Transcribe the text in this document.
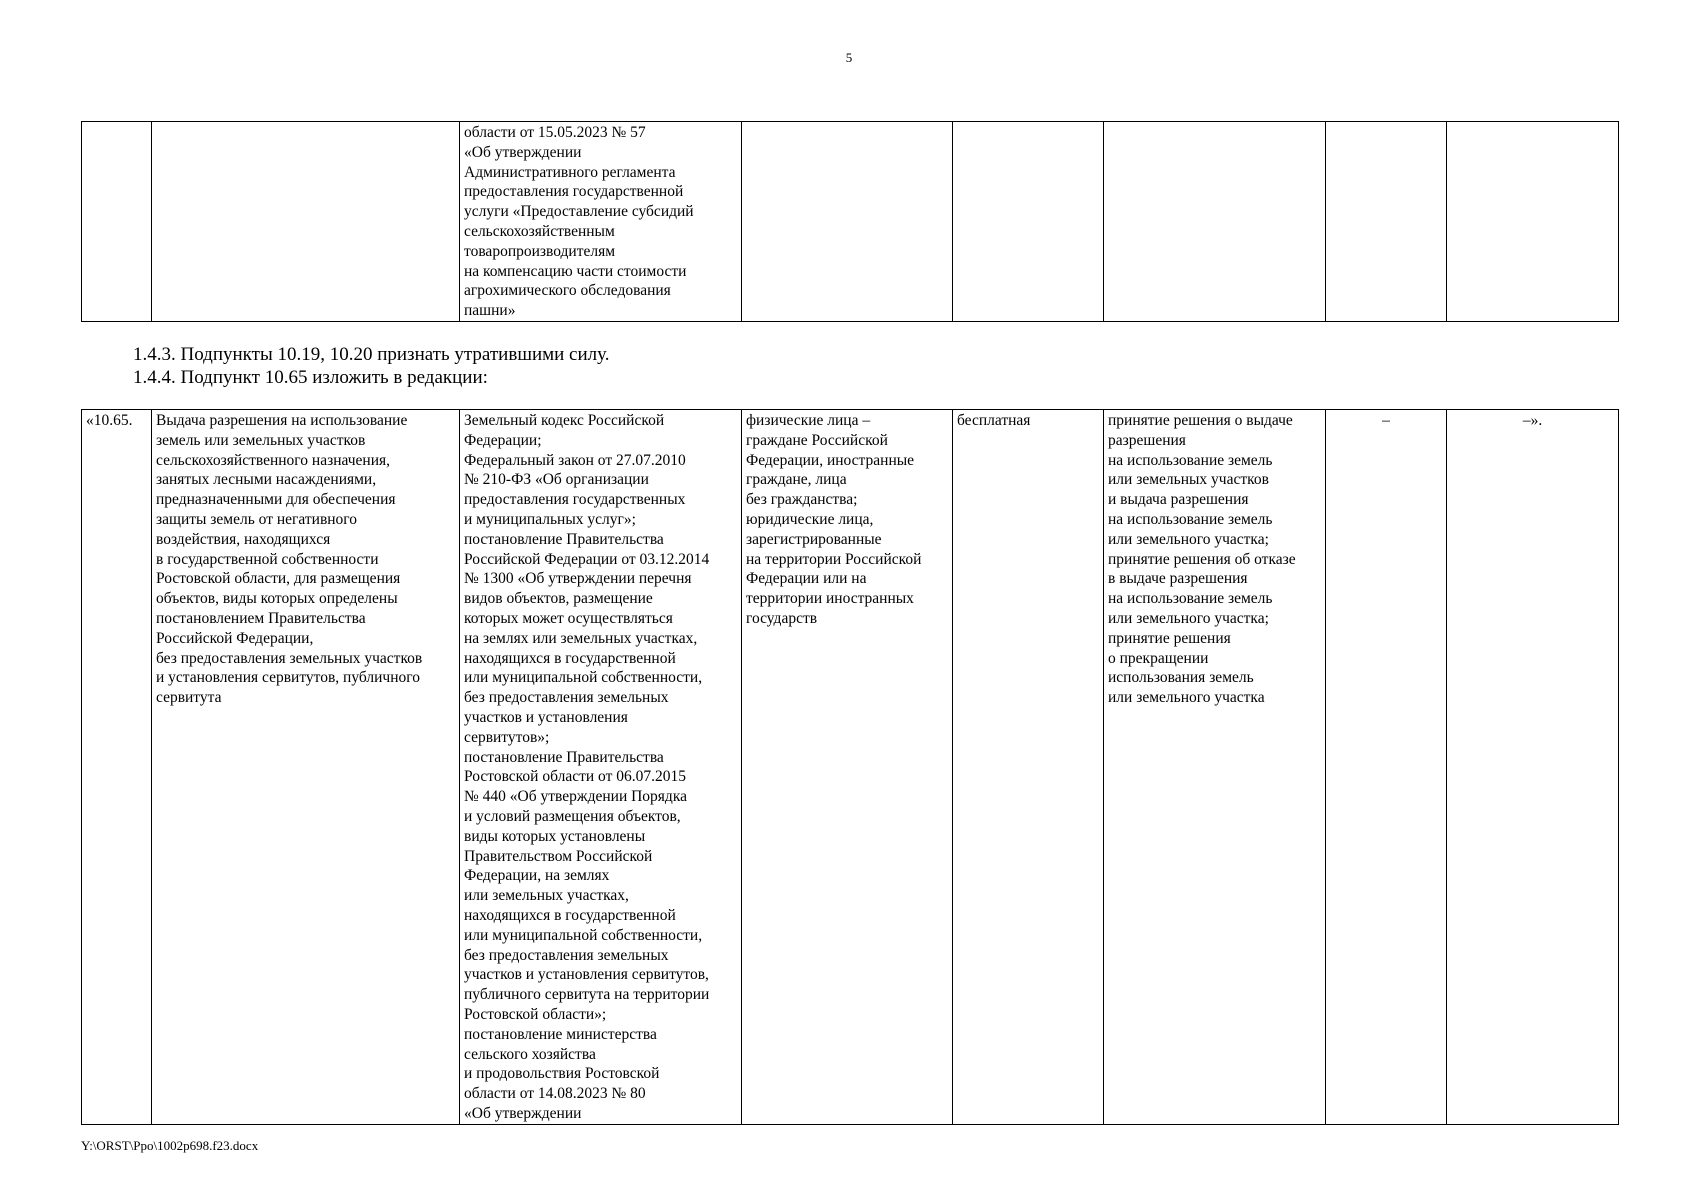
5
		области от 15.05.2023 № 57
«Об утверждении
Административного регламента
предоставления государственной
услуги «Предоставление субсидий
сельскохозяйственным
товаропроизводителям
на компенсацию части стоимости
агрохимического обследования
пашни»					
1.4.3. Подпункты 10.19, 10.20 признать утратившими силу.
1.4.4. Подпункт 10.65 изложить в редакции:
«10.65.	Выдача разрешения на использование
земель или земельных участков
сельскохозяйственного назначения,
занятых лесными насаждениями,
предназначенными для обеспечения
защиты земель от негативного
воздействия, находящихся
в государственной собственности
Ростовской области, для размещения
объектов, виды которых определены
постановлением Правительства
Российской Федерации,
без предоставления земельных участков
и установления сервитутов, публичного
сервитута	Земельный кодекс Российской
Федерации;
Федеральный закон от 27.07.2010
№ 210-ФЗ «Об организации
предоставления государственных
и муниципальных услуг»;
постановление Правительства
Российской Федерации от 03.12.2014
№ 1300 «Об утверждении перечня
видов объектов, размещение
которых может осуществляться
на землях или земельных участках,
находящихся в государственной
или муниципальной собственности,
без предоставления земельных
участков и установления
сервитутов»;
постановление Правительства
Ростовской области от 06.07.2015
№ 440 «Об утверждении Порядка
и условий размещения объектов,
виды которых установлены
Правительством Российской
Федерации, на землях
или земельных участках,
находящихся в государственной
или муниципальной собственности,
без предоставления земельных
участков и установления сервитутов,
публичного сервитута на территории
Ростовской области»;
постановление министерства
сельского хозяйства
и продовольствия Ростовской
области от 14.08.2023 № 80
«Об утверждении	физические лица –
граждане Российской
Федерации, иностранные
граждане, лица
без гражданства;
юридические лица,
зарегистрированные
на территории Российской
Федерации или на
территории иностранных
государств	бесплатная	принятие решения о выдаче
разрешения
на использование земель
или земельных участков
и выдача разрешения
на использование земель
или земельного участка;
принятие решения об отказе
в выдаче разрешения
на использование земель
или земельного участка;
принятие решения
о прекращении
использования земель
или земельного участка	–	–».
Y:\ORST\Ppo\1002p698.f23.docx
